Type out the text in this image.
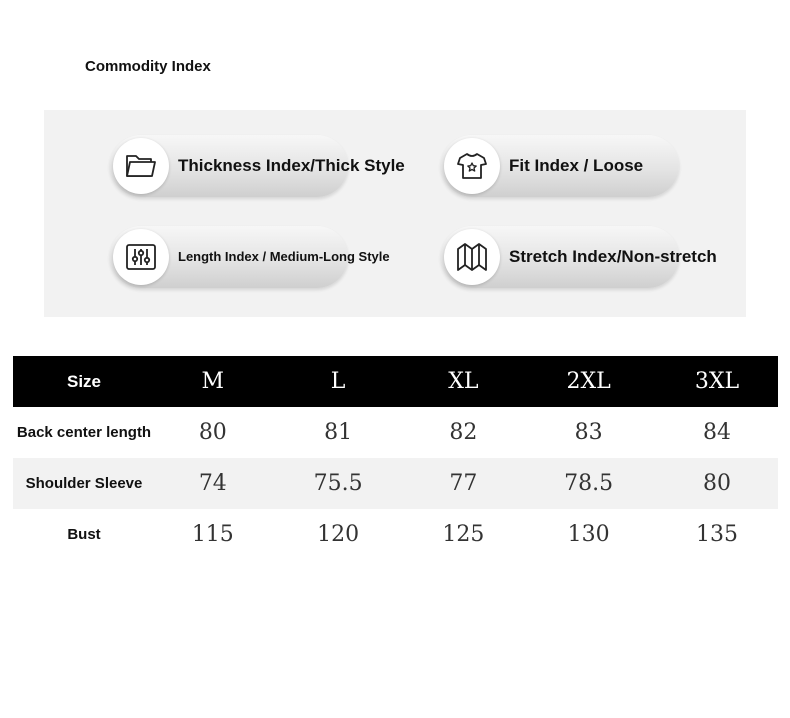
Commodity Index
Thickness Index/Thick Style	Fit Index / Loose
Length Index / Medium-Long Style	Stretch Index/Non-stretch
Size	M	L	XL	2XL	3XL
Back center length	80	81	82	83	84
Shoulder Sleeve	74	75.5	77	78.5	80
Bust	115	120	125	130	135
